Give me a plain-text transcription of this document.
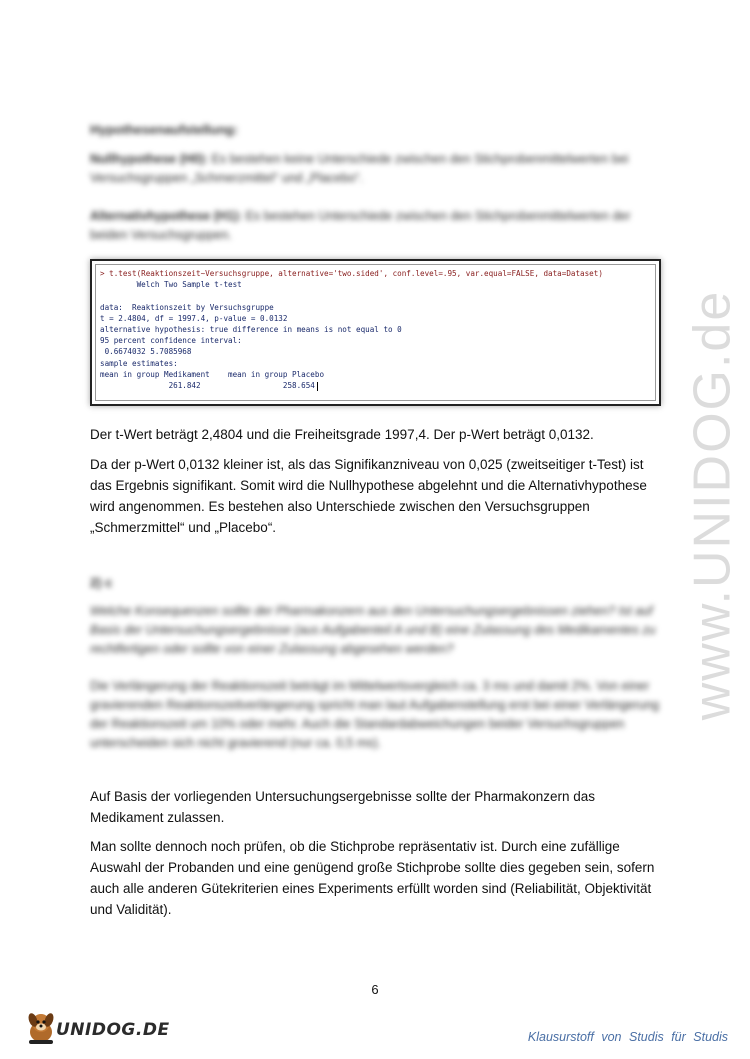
www.UNIDOG.de
Hypothesenaufstellung:
Nullhypothese (H0): Es bestehen keine Unterschiede zwischen den Stichprobenmittelwerten bei Versuchsgruppen „Schmerzmittel“ und „Placebo“.
Alternativhypothese (H1): Es bestehen Unterschiede zwischen den Stichprobenmittelwerten der beiden Versuchsgruppen.
> t.test(Reaktionszeit~Versuchsgruppe, alternative='two.sided', conf.level=.95, var.equal=FALSE, data=Dataset)
Welch Two Sample t-test

data:  Reaktionszeit by Versuchsgruppe
t = 2.4804, df = 1997.4, p-value = 0.0132
alternative hypothesis: true difference in means is not equal to 0
95 percent confidence interval:
0.6674032 5.7085968
sample estimates:
mean in group Medikament    mean in group Placebo
261.842                  258.654
Der t-Wert beträgt 2,4804 und die Freiheitsgrade 1997,4. Der p-Wert beträgt 0,0132.
Da der p-Wert 0,0132 kleiner ist, als das Signifikanzniveau von 0,025 (zweitseitiger t-Test) ist das Ergebnis signifikant. Somit wird die Nullhypothese abgelehnt und die Alternativhypothese wird angenommen. Es bestehen also Unterschiede zwischen den Versuchsgruppen „Schmerzmittel“ und „Placebo“.
2) c
Welche Konsequenzen sollte der Pharmakonzern aus den Untersuchungsergebnissen ziehen? Ist auf Basis der Untersuchungsergebnisse (aus Aufgabenteil A und B) eine Zulassung des Medikamentes zu rechtfertigen oder sollte von einer Zulassung abgesehen werden?
Die Verlängerung der Reaktionszeit beträgt im Mittelwertsvergleich ca. 3 ms und damit 2%. Von einer gravierenden Reaktionszeitverlängerung spricht man laut Aufgabenstellung erst bei einer Verlängerung der Reaktionszeit um 10% oder mehr. Auch die Standardabweichungen beider Versuchsgruppen unterscheiden sich nicht gravierend (nur ca. 0,5 ms).
Auf Basis der vorliegenden Untersuchungsergebnisse sollte der Pharmakonzern das Medikament zulassen.
Man sollte dennoch noch prüfen, ob die Stichprobe repräsentativ ist. Durch eine zufällige Auswahl der Probanden und eine genügend große Stichprobe sollte dies gegeben sein, sofern auch alle anderen Gütekriterien eines Experiments erfüllt worden sind (Reliabilität, Objektivität und Validität).
6
UNIDOG.DE	Klausurstoff von Studis für Studis
